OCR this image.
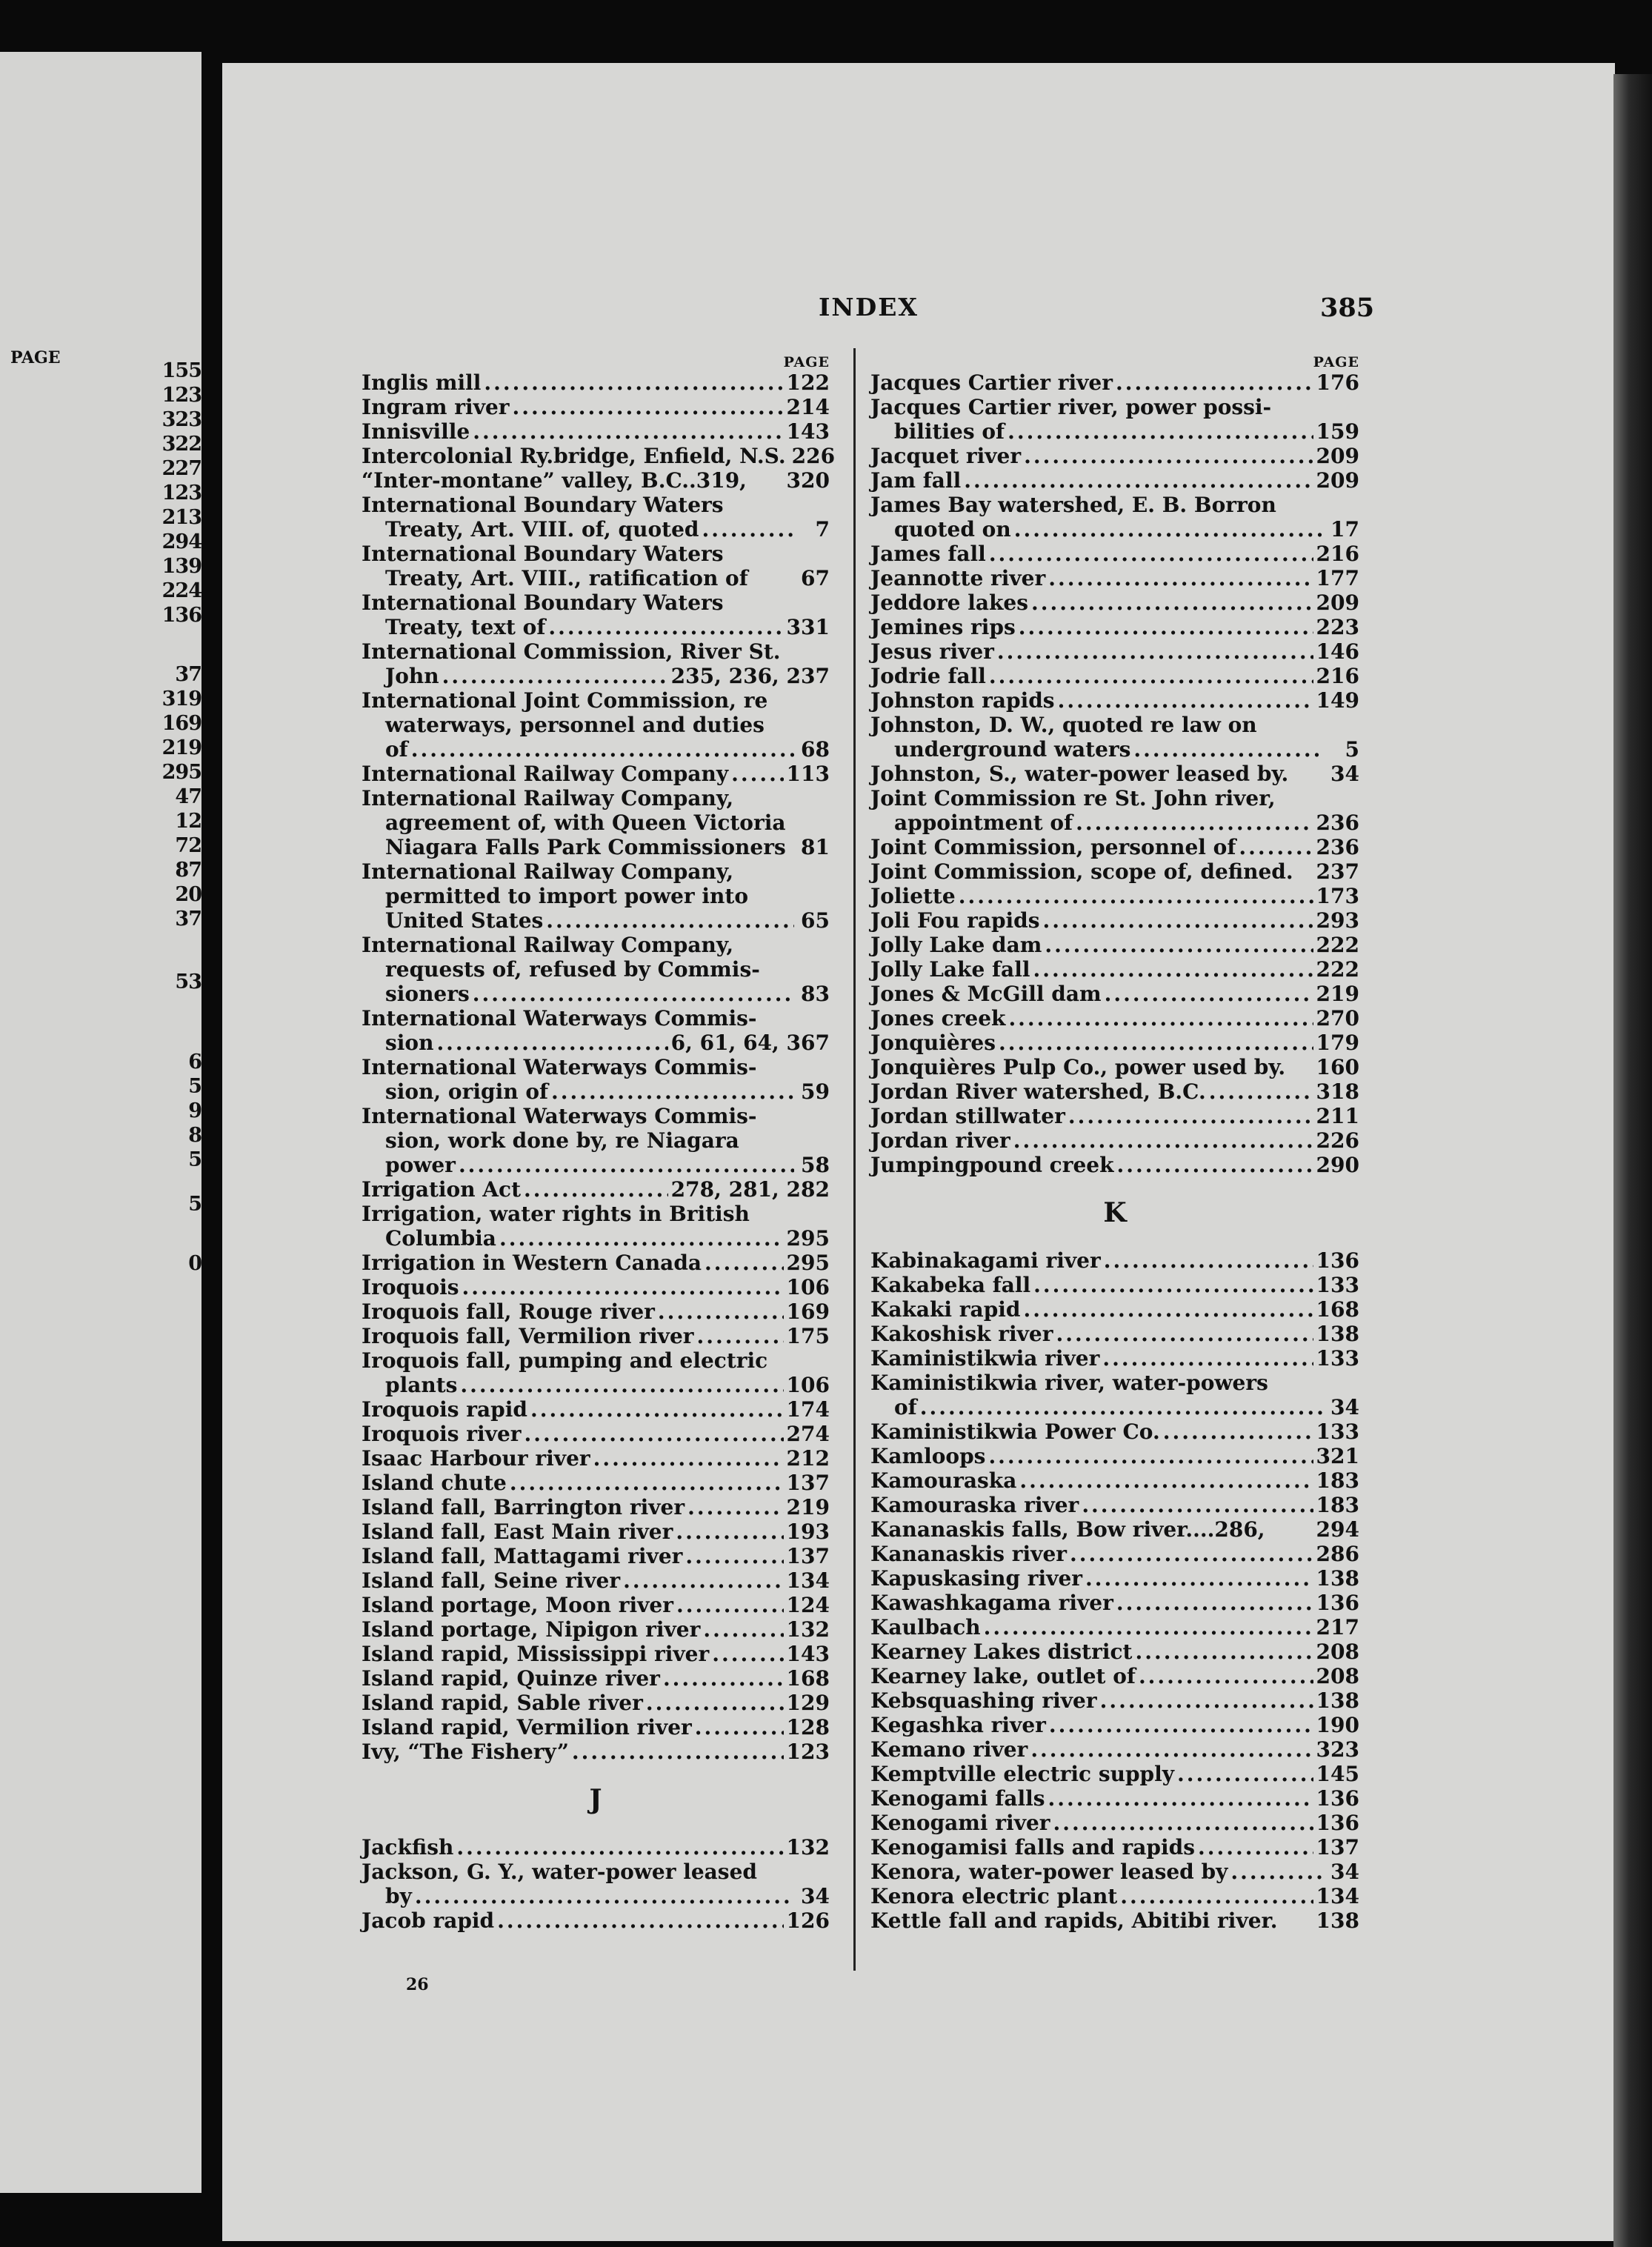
PAGE
155
123
323
322
227
123
213
294
139
224
136
37
319
169
219
295
47
12
72
87
20
37
53
6
5
9
8
5
5
0
INDEX	385
PAGE
Inglis mill .....	122
Ingram river .....	214
Innisville .....	143
Intercolonial Ry.bridge, Enfield, N.S. 226
“Inter-montane” valley, B.C..319, 320
International Boundary Waters
Treaty, Art. VIII. of, quoted .....	7
International Boundary Waters
Treaty, Art. VIII., ratification of	67
International Boundary Waters
Treaty, text of .....	331
International Commission, River St.
John .....	235, 236, 237
International Joint Commission, re
waterways, personnel and duties
of .....	68
International Railway Company .....	113
International Railway Company,
agreement of, with Queen Victoria
Niagara Falls Park Commissioners 81
International Railway Company,
permitted to import power into
United States .....	65
International Railway Company,
requests of, refused by Commis-
sioners .....	83
International Waterways Commis-
sion .....	6, 61, 64, 367
International Waterways Commis-
sion, origin of .....	59
International Waterways Commis-
sion, work done by, re Niagara
power .....	58
Irrigation Act .....	278, 281, 282
Irrigation, water rights in British
Columbia .....	295
Irrigation in Western Canada .....	295
Iroquois .....	106
Iroquois fall, Rouge river .....	169
Iroquois fall, Vermilion river .....	175
Iroquois fall, pumping and electric
plants .....	106
Iroquois rapid .....	174
Iroquois river .....	274
Isaac Harbour river .....	212
Island chute .....	137
Island fall, Barrington river .....	219
Island fall, East Main river .....	193
Island fall, Mattagami river .....	137
Island fall, Seine river .....	134
Island portage, Moon river .....	124
Island portage, Nipigon river .....	132
Island rapid, Mississippi river .....	143
Island rapid, Quinze river .....	168
Island rapid, Sable river .....	129
Island rapid, Vermilion river .....	128
Ivy, “The Fishery” .....	123
J
Jackfish .....	132
Jackson, G. Y., water-power leased
by .....	34
Jacob rapid .....	126
PAGE
Jacques Cartier river .....	176
Jacques Cartier river, power possi-
bilities of .....	159
Jacquet river .....	209
Jam fall .....	209
James Bay watershed, E. B. Borron
quoted on .....	17
James fall .....	216
Jeannotte river .....	177
Jeddore lakes .....	209
Jemines rips .....	223
Jesus river .....	146
Jodrie fall .....	216
Johnston rapids .....	149
Johnston, D. W., quoted re law on
underground waters .....	5
Johnston, S., water-power leased by. 34
Joint Commission re St. John river,
appointment of .....	236
Joint Commission, personnel of .....	236
Joint Commission, scope of, defined. 237
Joliette .....	173
Joli Fou rapids .....	293
Jolly Lake dam .....	222
Jolly Lake fall .....	222
Jones & McGill dam .....	219
Jones creek .....	270
Jonquières .....	179
Jonquières Pulp Co., power used by. 160
Jordan River watershed, B.C. .....	318
Jordan stillwater .....	211
Jordan river .....	226
Jumpingpound creek .....	290
K
Kabinakagami river .....	136
Kakabeka fall .....	133
Kakaki rapid .....	168
Kakoshisk river .....	138
Kaministikwia river .....	133
Kaministikwia river, water-powers
of .....	34
Kaministikwia Power Co. .....	133
Kamloops .....	321
Kamouraska .....	183
Kamouraska river .....	183
Kananaskis falls, Bow river....286, 294
Kananaskis river .....	286
Kapuskasing river .....	138
Kawashkagama river .....	136
Kaulbach .....	217
Kearney Lakes district .....	208
Kearney lake, outlet of .....	208
Kebsquashing river .....	138
Kegashka river .....	190
Kemano river .....	323
Kemptville electric supply .....	145
Kenogami falls .....	136
Kenogami river .....	136
Kenogamisi falls and rapids .....	137
Kenora, water-power leased by .....	34
Kenora electric plant .....	134
Kettle fall and rapids, Abitibi river. 138
26
